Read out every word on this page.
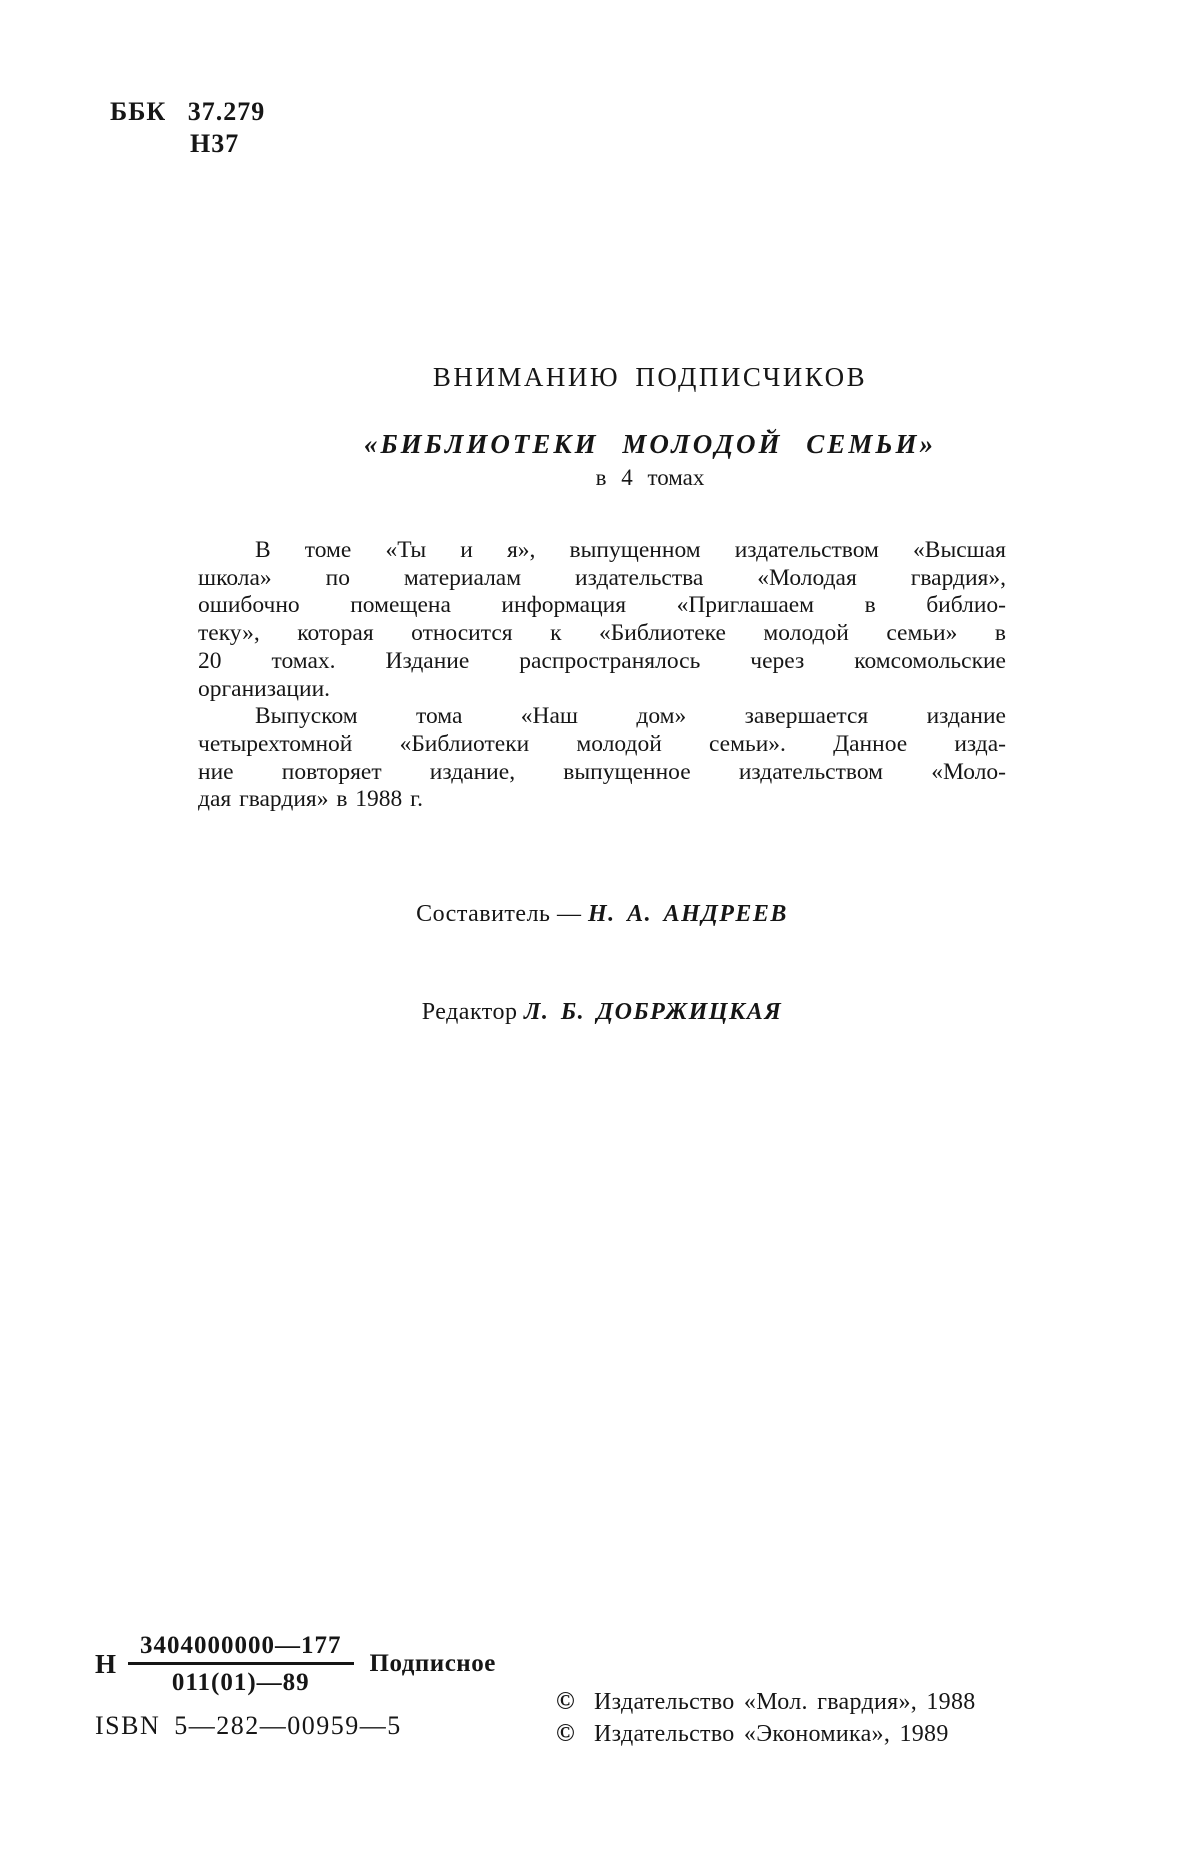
ББК 37.279
Н37
ВНИМАНИЮ ПОДПИСЧИКОВ
«БИБЛИОТЕКИ МОЛОДОЙ СЕМЬИ»
в 4 томах
В томе «Ты и я», выпущенном издательством «Высшая
школа» по материалам издательства «Молодая гвардия»,
ошибочно помещена информация «Приглашаем в библио-
теку», которая относится к «Библиотеке молодой семьи» в
20 томах. Издание распространялось через комсомольские
организации.
Выпуском тома «Наш дом» завершается издание
четырехтомной «Библиотеки молодой семьи». Данное изда-
ние повторяет издание, выпущенное издательством «Моло-
дая гвардия» в 1988 г.
Составитель — Н. А. АНДРЕЕВ
Редактор Л. Б. ДОБРЖИЦКАЯ
Н $\frac{3404000000—177}{011(01)—89}$ Подписное
ISBN 5—282—00959—5
© Издательство «Мол. гвардия», 1988
© Издательство «Экономика», 1989
